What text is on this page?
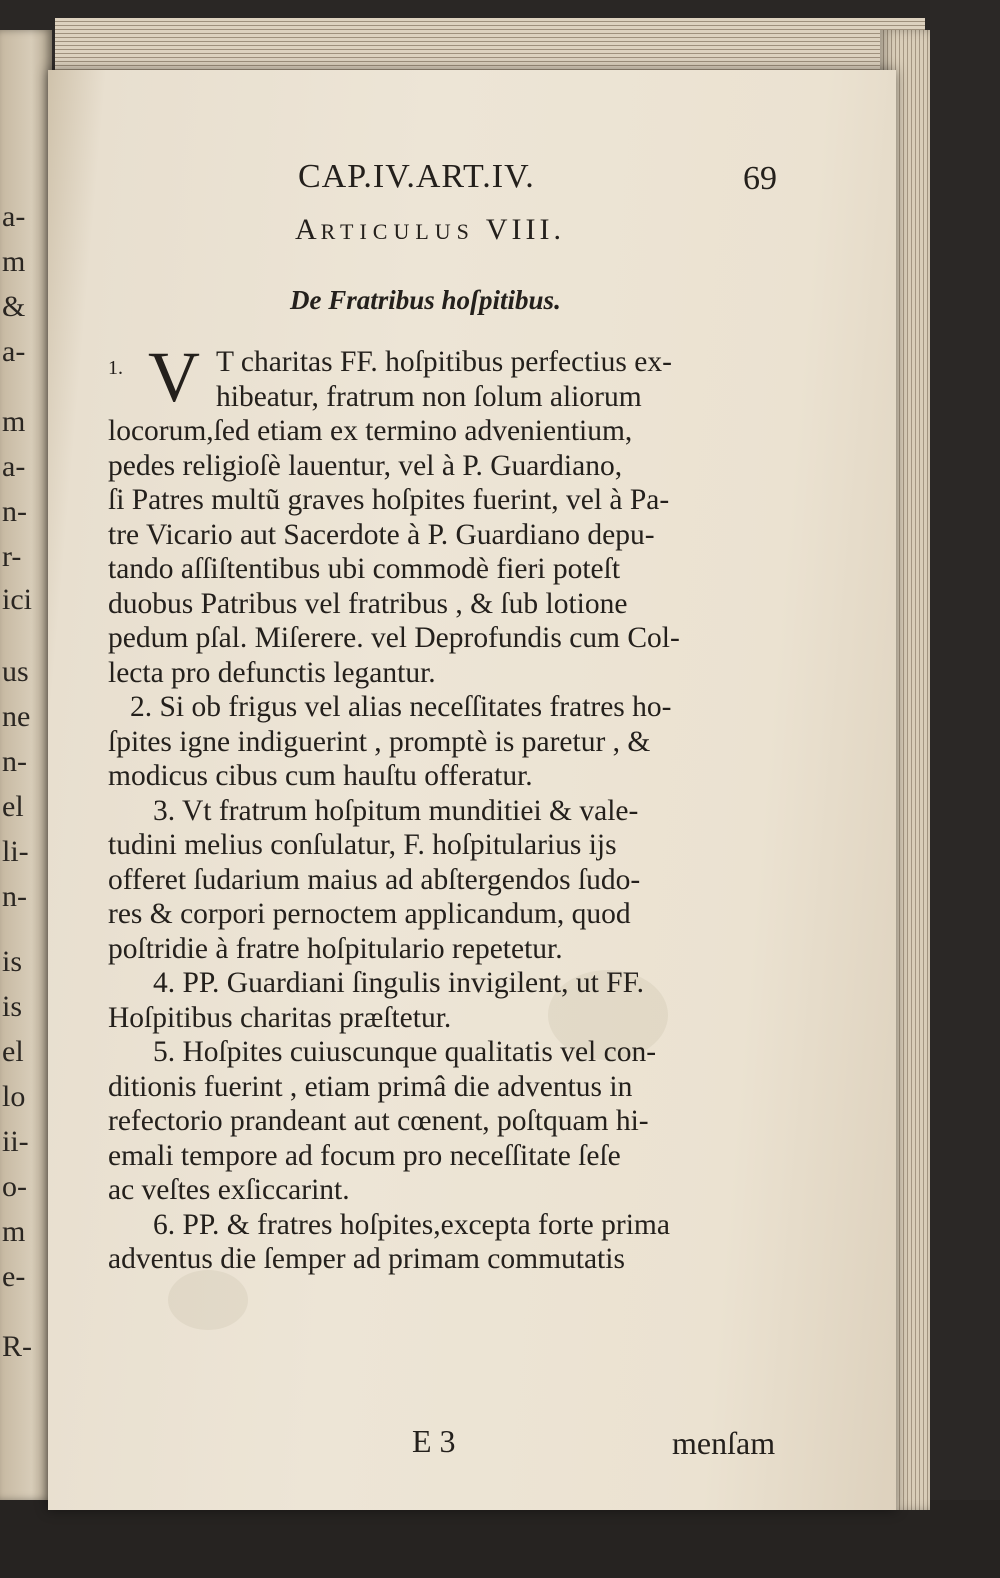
a-
m
&
a-
m
a-
n-
r-
ici
us
ne
n-
el
li-
n-
is
is
el
lo
ii-
o-
m
e-
R-
CAP.IV.ART.IV.	69
ARTICULUS VIII.
De Fratribus hoſpitibus.
1. V T charitas FF. hoſpitibus perfectius ex-
hibeatur, fratrum non ſolum aliorum
locorum,ſed etiam ex termino advenientium,
pedes religioſè lauentur, vel à P. Guardiano,
ſi Patres multũ graves hoſpites fuerint, vel à Pa-
tre Vicario aut Sacerdote à P. Guardiano depu-
tando aſſiſtentibus ubi commodè fieri poteſt
duobus Patribus vel fratribus , & ſub lotione
pedum pſal. Miſerere. vel Deprofundis cum Col-
lecta pro defunctis legantur.
2. Si ob frigus vel alias neceſſitates fratres ho-
ſpites igne indiguerint , promptè is paretur , &
modicus cibus cum hauſtu offeratur.
3. Vt fratrum hoſpitum munditiei & vale-
tudini melius conſulatur, F. hoſpitularius ijs
offeret ſudarium maius ad abſtergendos ſudo-
res & corpori pernoctem applicandum, quod
poſtridie à fratre hoſpitulario repetetur.
4. PP. Guardiani ſingulis invigilent, ut FF.
Hoſpitibus charitas præſtetur.
5. Hoſpites cuiuscunque qualitatis vel con-
ditionis fuerint , etiam primâ die adventus in
refectorio prandeant aut cœnent, poſtquam hi-
emali tempore ad focum pro neceſſitate ſeſe
ac veſtes exſiccarint.
6. PP. & fratres hoſpites,excepta forte prima
adventus die ſemper ad primam commutatis
E 3	menſam
